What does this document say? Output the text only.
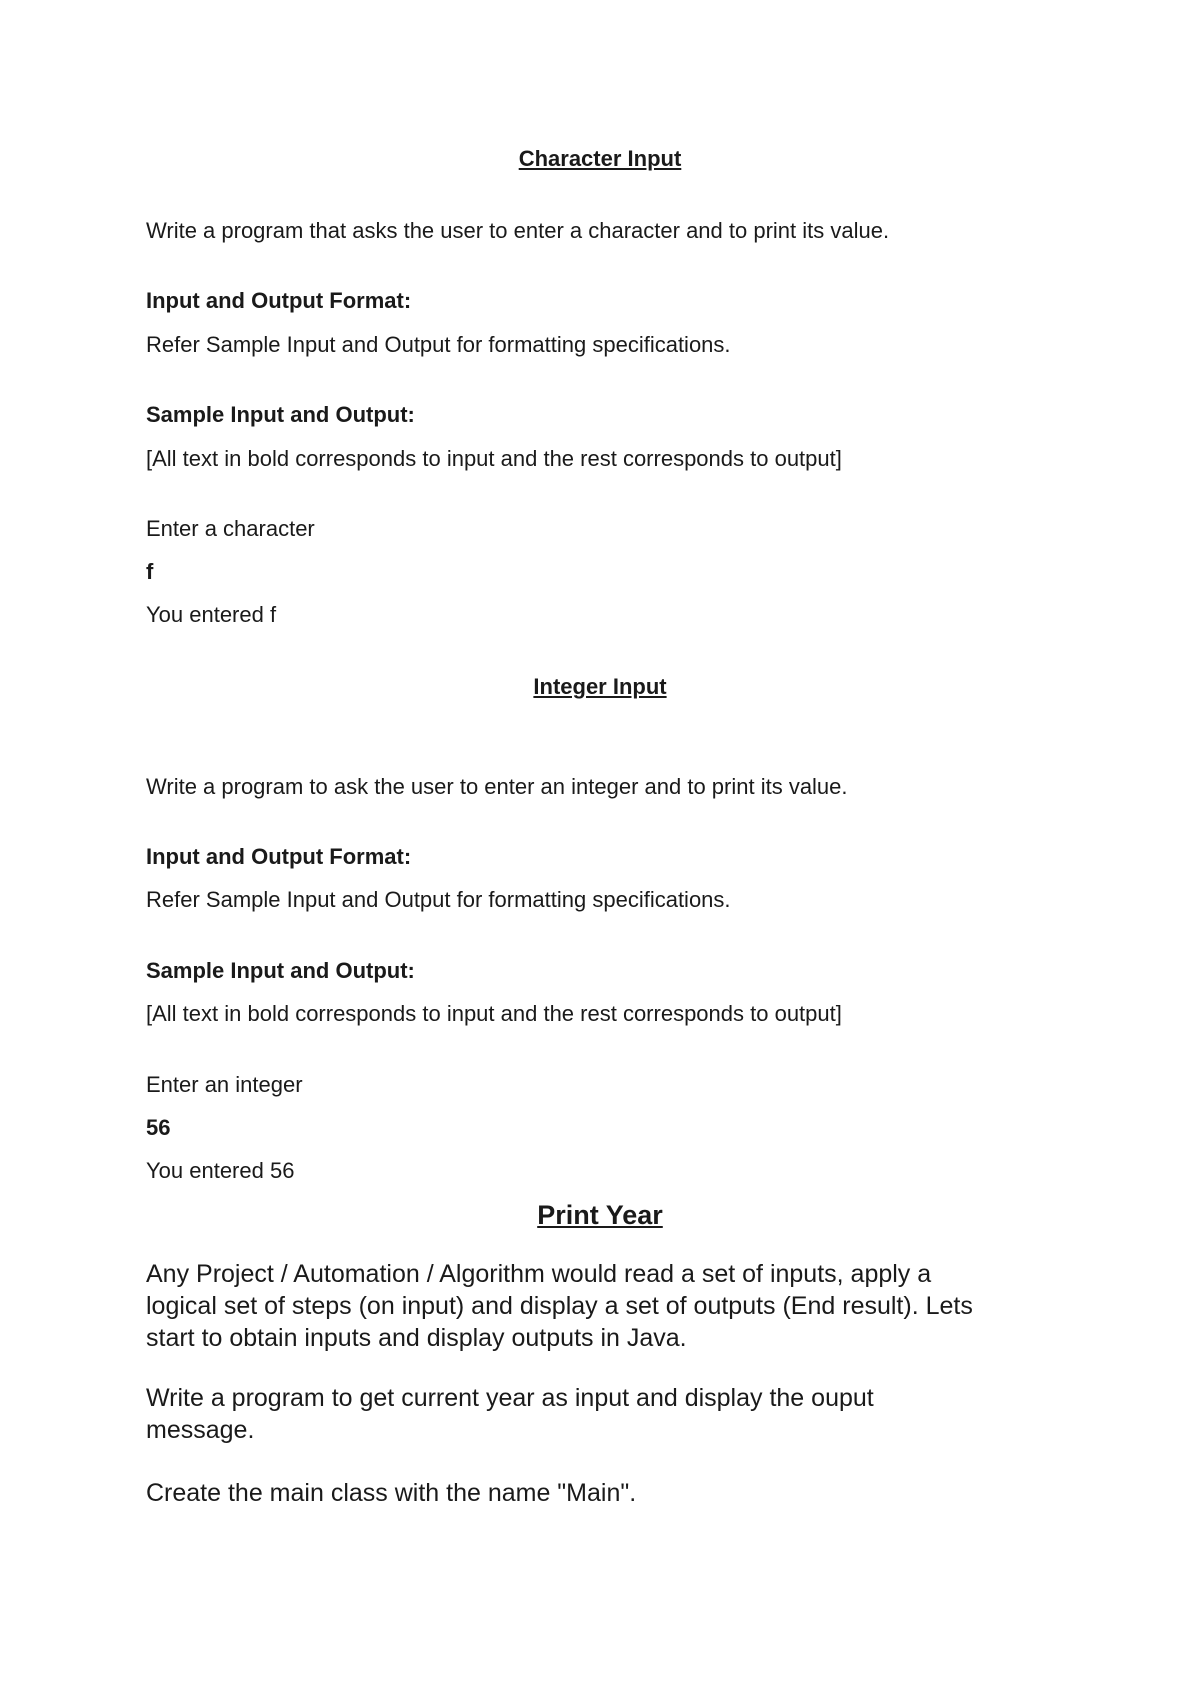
Character Input
Write a program that asks the user to enter a character and to print its value.
Input and Output Format:
Refer Sample Input and Output for formatting specifications.
Sample Input and Output:
[All text in bold corresponds to input and the rest corresponds to output]
Enter a character
f
You entered f
Integer Input
Write a program to ask the user to enter an integer and to print its value.
Input and Output Format:
Refer Sample Input and Output for formatting specifications.
Sample Input and Output:
[All text in bold corresponds to input and the rest corresponds to output]
Enter an integer
56
You entered 56
Print Year
Any Project / Automation / Algorithm would read a set of inputs, apply a
logical set of steps (on input) and display a set of outputs (End result). Lets
start to obtain inputs and display outputs in Java.
Write a program to get current year as input and display the ouput
message.
Create the main class with the name "Main".
